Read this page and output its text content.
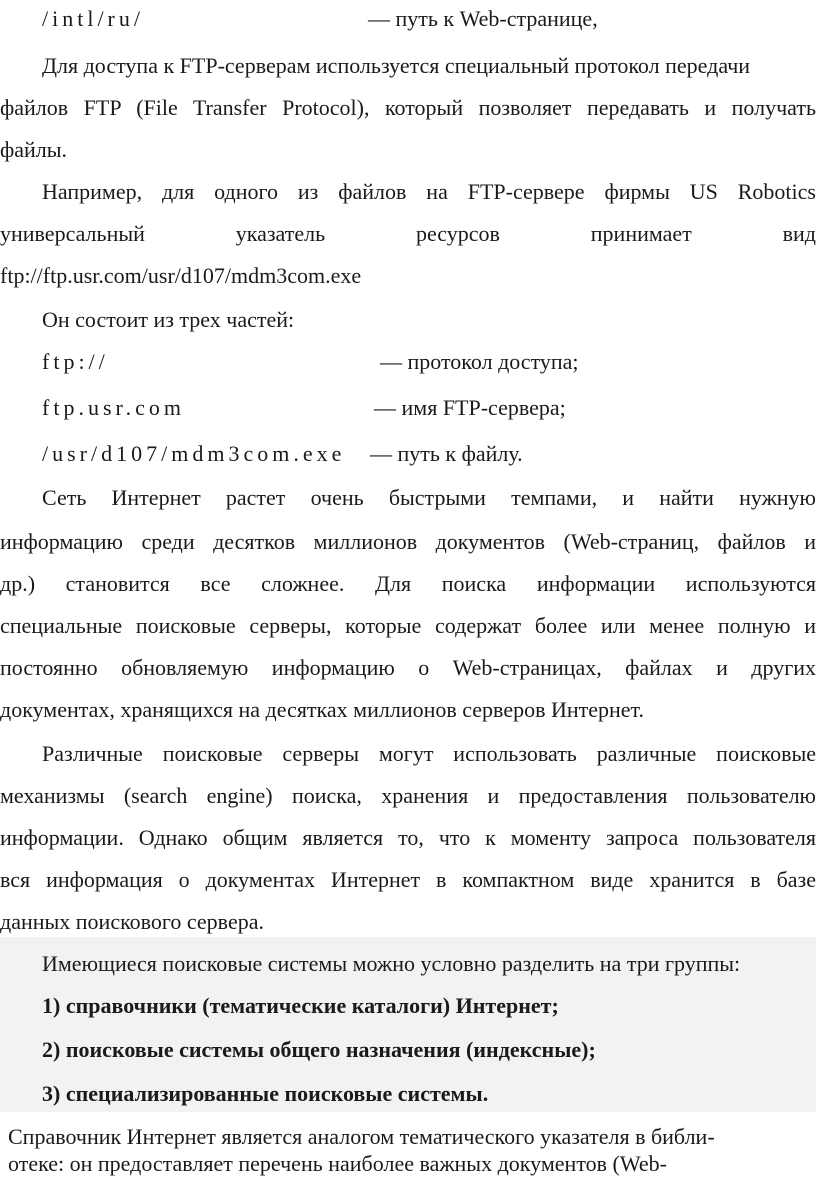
/intl/ru/	— путь к Web-странице,
Для доступа к FTP-серверам используется специальный протокол передачи
файлов FTP (File Transfer Protocol), который позволяет передавать и получать
файлы.
Например, для одного из файлов на FTP-сервере фирмы US Robotics
универсальный указатель ресурсов принимает вид
ftp://ftp.usr.com/usr/d107/mdm3com.exe
Он состоит из трех частей:
ftp://	— протокол доступа;
ftp.usr.com	— имя FTP-сервера;
/usr/d107/mdm3com.exe — путь к файлу.
Сеть Интернет растет очень быстрыми темпами, и найти нужную
информацию среди десятков миллионов документов (Web-страниц, файлов и
др.) становится все сложнее. Для поиска информации используются
специальные поисковые серверы, которые содержат более или менее полную и
постоянно обновляемую информацию о Web-страницах, файлах и других
документах, хранящихся на десятках миллионов серверов Интернет.
Различные поисковые серверы могут использовать различные поисковые
механизмы (search engine) поиска, хранения и предоставления пользователю
информации. Однако общим является то, что к моменту запроса пользователя
вся информация о документах Интернет в компактном виде хранится в базе
данных поискового сервера.
Имеющиеся поисковые системы можно условно разделить на три группы:
1) справочники (тематические каталоги) Интернет;
2) поисковые системы общего назначения (индексные);
3) специализированные поисковые системы.
Справочник Интернет является аналогом тематического указателя в библи-
отеке: он предоставляет перечень наиболее важных документов (Web-
